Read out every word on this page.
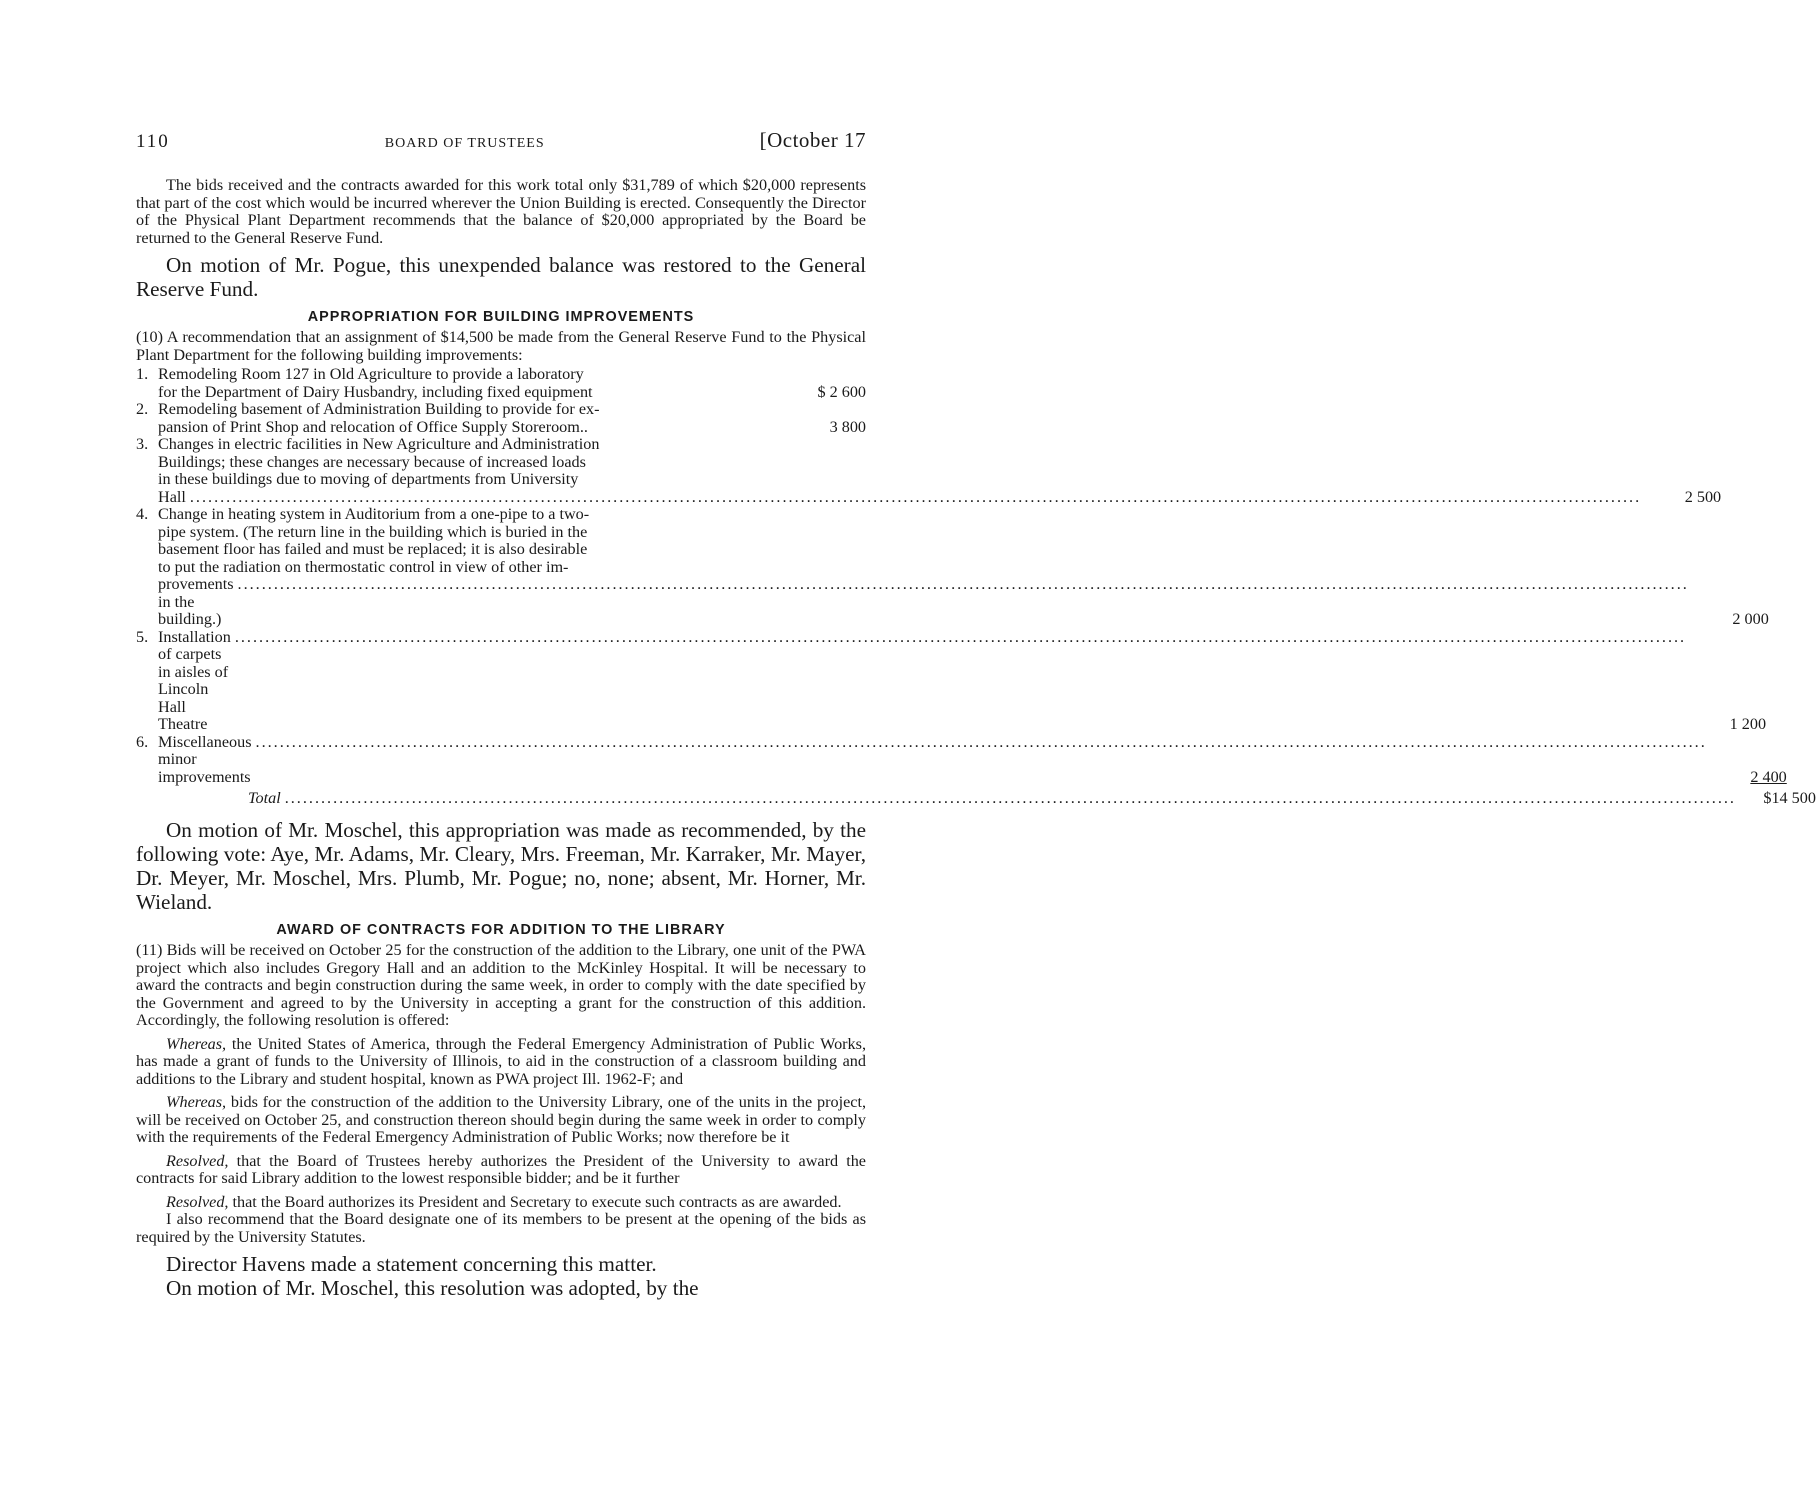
110	BOARD OF TRUSTEES	[October 17

The bids received and the contracts awarded for this work total only $31,789 of which $20,000 represents that part of the cost which would be incurred wherever the Union Building is erected. Consequently the Director of the Physical Plant Department recommends that the balance of $20,000 appropriated by the Board be returned to the General Reserve Fund.

On motion of Mr. Pogue, this unexpended balance was restored to the General Reserve Fund.

APPROPRIATION FOR BUILDING IMPROVEMENTS

(10) A recommendation that an assignment of $14,500 be made from the General Reserve Fund to the Physical Plant Department for the following building improvements:

1. Remodeling Room 127 in Old Agriculture to provide a laboratory
for the Department of Dairy Husbandry, including fixed equipment	$ 2 600
2. Remodeling basement of Administration Building to provide for ex-
pansion of Print Shop and relocation of Office Supply Storeroom..	3 800
3. Changes in electric facilities in New Agriculture and Administration
Buildings; these changes are necessary because of increased loads
in these buildings due to moving of departments from University
Hall .....	2 500
4. Change in heating system in Auditorium from a one-pipe to a two-
pipe system. (The return line in the building which is buried in the
basement floor has failed and must be replaced; it is also desirable
to put the radiation on thermostatic control in view of other im-
provements in the building.)
.....	2 000
5. Installation of carpets in aisles of Lincoln Hall Theatre
.....	1 200
6. Miscellaneous minor improvements
.....	2 400
Total .....	$14 500

On motion of Mr. Moschel, this appropriation was made as recommended, by the following vote: Aye, Mr. Adams, Mr. Cleary, Mrs. Freeman, Mr. Karraker, Mr. Mayer, Dr. Meyer, Mr. Moschel, Mrs. Plumb, Mr. Pogue; no, none; absent, Mr. Horner, Mr. Wieland.

AWARD OF CONTRACTS FOR ADDITION TO THE LIBRARY

(11) Bids will be received on October 25 for the construction of the addition to the Library, one unit of the PWA project which also includes Gregory Hall and an addition to the McKinley Hospital. It will be necessary to award the contracts and begin construction during the same week, in order to comply with the date specified by the Government and agreed to by the University in accepting a grant for the construction of this addition. Accordingly, the following resolution is offered:

Whereas, the United States of America, through the Federal Emergency Administration of Public Works, has made a grant of funds to the University of Illinois, to aid in the construction of a classroom building and additions to the Library and student hospital, known as PWA project Ill. 1962-F; and

Whereas, bids for the construction of the addition to the University Library, one of the units in the project, will be received on October 25, and construction thereon should begin during the same week in order to comply with the requirements of the Federal Emergency Administration of Public Works; now therefore be it

Resolved, that the Board of Trustees hereby authorizes the President of the University to award the contracts for said Library addition to the lowest responsible bidder; and be it further

Resolved, that the Board authorizes its President and Secretary to execute such contracts as are awarded.

I also recommend that the Board designate one of its members to be present at the opening of the bids as required by the University Statutes.

Director Havens made a statement concerning this matter.

On motion of Mr. Moschel, this resolution was adopted, by the
